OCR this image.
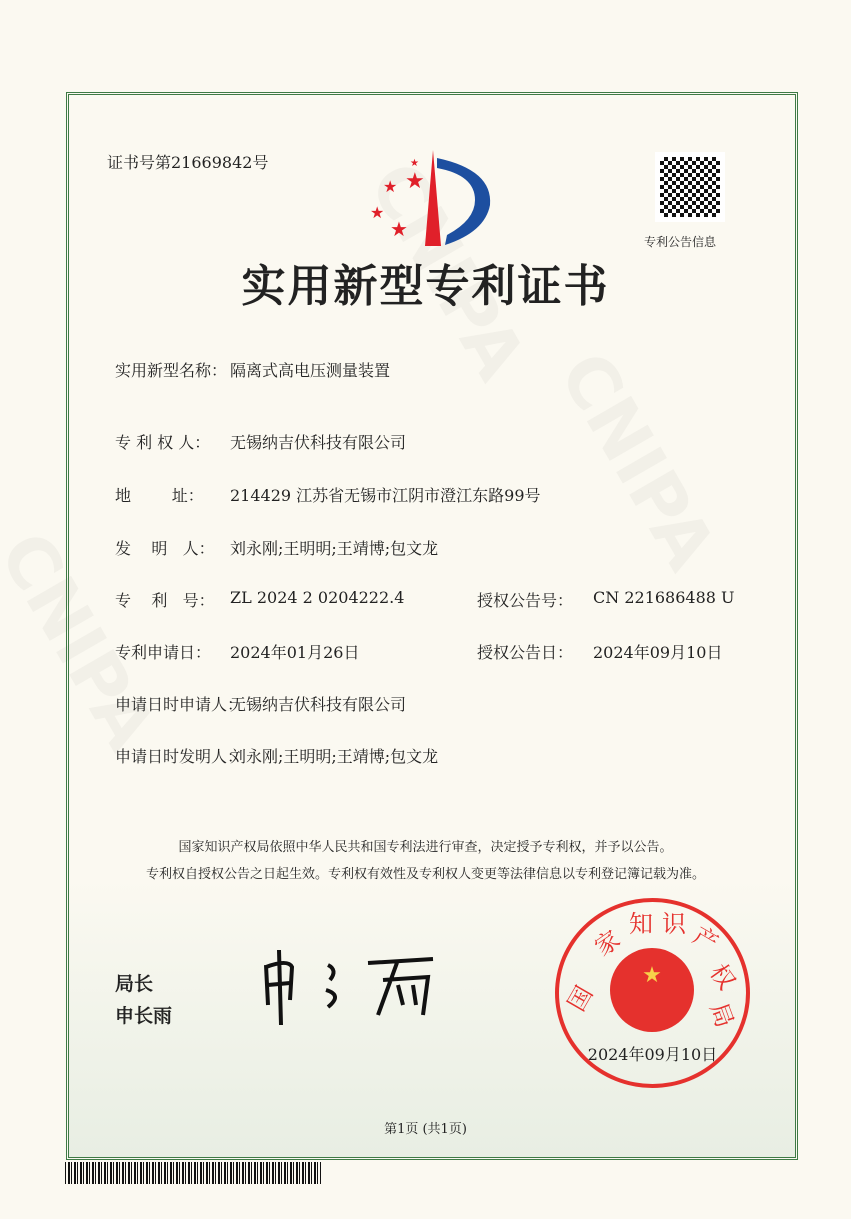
证书号第21669842号
★ ★
★
★
★
专利公告信息
实用新型专利证书
实用新型名称： 隔离式高电压测量装置
专 利 权 人： 无锡纳吉伏科技有限公司
地        址： 214429 江苏省无锡市江阴市澄江东路99号
发    明   人： 刘永刚;王明明;王靖博;包文龙
专    利   号： ZL 2024 2 0204222.4	授权公告号： CN 221686488 U
专利申请日： 2024年01月26日	授权公告日： 2024年09月10日
申请日时申请人：
无锡纳吉伏科技有限公司
申请日时发明人：
刘永刚;王明明;王靖博;包文龙
国家知识产权局依照中华人民共和国专利法进行审查，决定授予专利权，并予以公告。
专利权自授权公告之日起生效。专利权有效性及专利权人变更等法律信息以专利登记簿记载为准。
局长
申长雨
★
国
家
知 识 产
权
局
2024年09月10日
第1页 (共1页)
